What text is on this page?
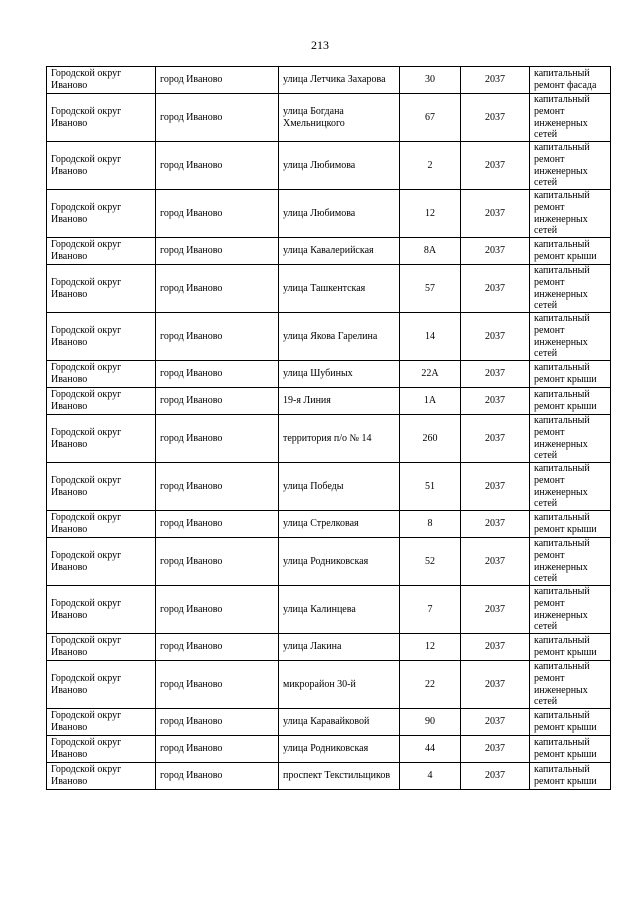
213
Городской округ Иваново	город Иваново	улица Летчика Захарова	30	2037	капитальный ремонт фасада
Городской округ Иваново	город Иваново	улица Богдана Хмельницкого	67	2037	капитальный ремонт инженерных сетей
Городской округ Иваново	город Иваново	улица Любимова	2	2037	капитальный ремонт инженерных сетей
Городской округ Иваново	город Иваново	улица Любимова	12	2037	капитальный ремонт инженерных сетей
Городской округ Иваново	город Иваново	улица Кавалерийская	8А	2037	капитальный ремонт крыши
Городской округ Иваново	город Иваново	улица Ташкентская	57	2037	капитальный ремонт инженерных сетей
Городской округ Иваново	город Иваново	улица Якова Гарелина	14	2037	капитальный ремонт инженерных сетей
Городской округ Иваново	город Иваново	улица Шубиных	22А	2037	капитальный ремонт крыши
Городской округ Иваново	город Иваново	19-я Линия	1А	2037	капитальный ремонт крыши
Городской округ Иваново	город Иваново	территория п/о № 14	260	2037	капитальный ремонт инженерных сетей
Городской округ Иваново	город Иваново	улица Победы	51	2037	капитальный ремонт инженерных сетей
Городской округ Иваново	город Иваново	улица Стрелковая	8	2037	капитальный ремонт крыши
Городской округ Иваново	город Иваново	улица Родниковская	52	2037	капитальный ремонт инженерных сетей
Городской округ Иваново	город Иваново	улица Калинцева	7	2037	капитальный ремонт инженерных сетей
Городской округ Иваново	город Иваново	улица Лакина	12	2037	капитальный ремонт крыши
Городской округ Иваново	город Иваново	микрорайон 30-й	22	2037	капитальный ремонт инженерных сетей
Городской округ Иваново	город Иваново	улица Каравайковой	90	2037	капитальный ремонт крыши
Городской округ Иваново	город Иваново	улица Родниковская	44	2037	капитальный ремонт крыши
Городской округ Иваново	город Иваново	проспект Текстильщиков	4	2037	капитальный ремонт крыши
